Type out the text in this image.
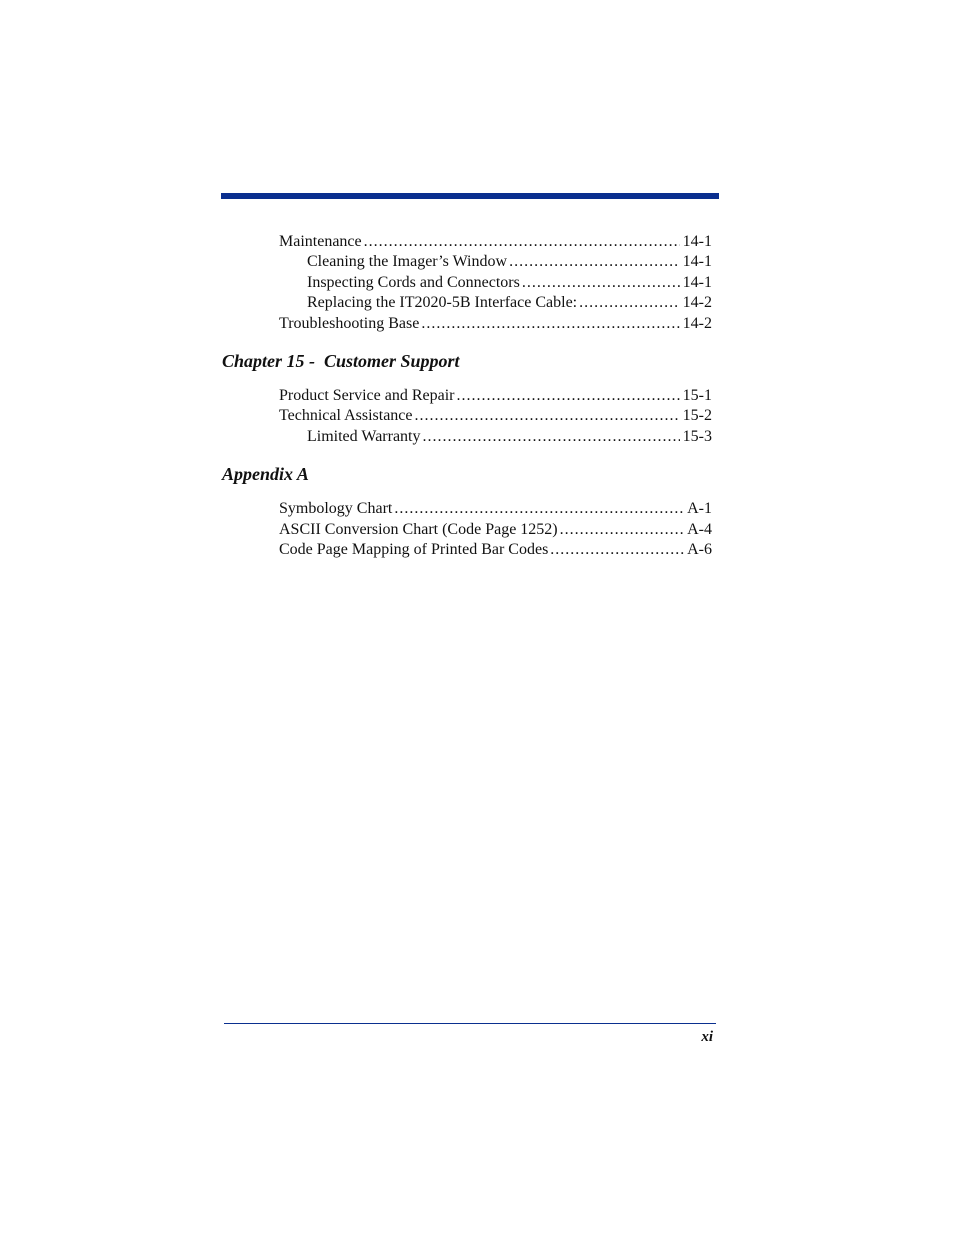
Maintenance .....	14-1
Cleaning the Imager’s Window .....	14-1
Inspecting Cords and Connectors .....	14-1
Replacing the IT2020-5B Interface Cable: .....	14-2
Troubleshooting Base .....	14-2
Chapter 15 -  Customer Support
Product Service and Repair .....	15-1
Technical Assistance .....	15-2
Limited Warranty .....	15-3
Appendix A
Symbology Chart .....	A-1
ASCII Conversion Chart (Code Page 1252) .....	A-4
Code Page Mapping of Printed Bar Codes .....	A-6
xi
